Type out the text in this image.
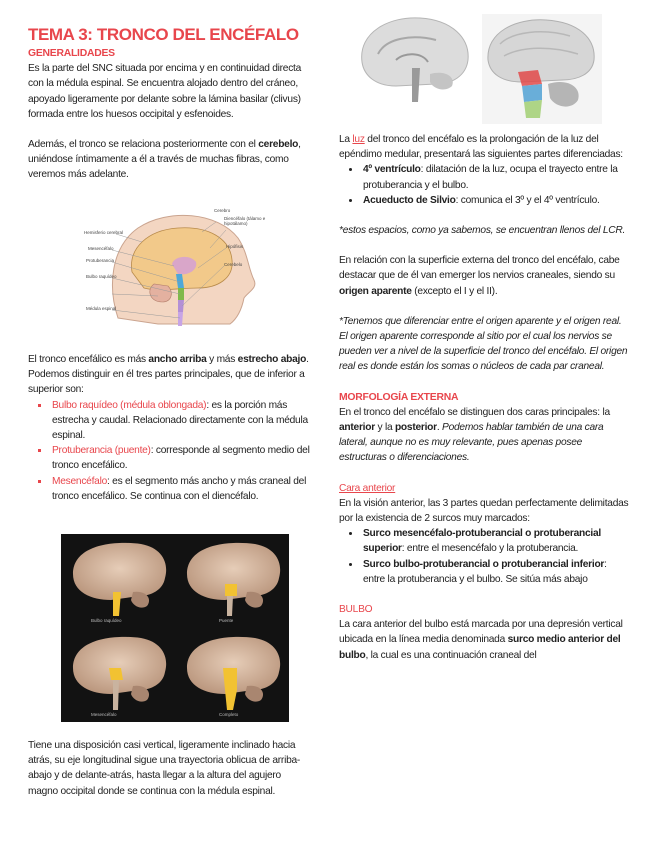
TEMA 3: TRONCO DEL ENCÉFALO

GENERALIDADES

Es la parte del SNC situada por encima y en continuidad directa con la médula espinal. Se encuentra alojado dentro del cráneo, apoyado ligeramente por delante sobre la lámina basilar (clivus) formada entre los huesos occipital y esfenoides.

Además, el tronco se relaciona posteriormente con el cerebelo, uniéndose íntimamente a él a través de muchas fibras, como veremos más adelante.

El tronco encefálico es más ancho arriba y más estrecho abajo. Podemos distinguir en él tres partes principales, que de inferior a superior son:

▪ Bulbo raquídeo (médula oblongada): es la porción más estrecha y caudal. Relacionado directamente con la médula espinal.
▪ Protuberancia (puente): corresponde al segmento medio del tronco encefálico.
▪ Mesencéfalo: es el segmento más ancho y más craneal del tronco encefálico. Se continua con el diencéfalo.

Tiene una disposición casi vertical, ligeramente inclinado hacia atrás, su eje longitudinal sigue una trayectoria oblicua de arriba-abajo y de delante-atrás, hasta llegar a la altura del agujero magno occipital donde se continua con la médula espinal.

Cerebro
Diencéfalo (tálamo e hipotálamo)
Hemisferio cerebral
Hipófisis
Mesencéfalo
Protuberancia
Cerebelo
Bulbo raquídeo
Médula espinal
Bulbo raquídeo	Puente
Mesencéfalo	Completo

La luz del tronco del encéfalo es la prolongación de la luz del epéndimo medular, presentará las siguientes partes diferenciadas:

• 4º ventrículo: dilatación de la luz, ocupa el trayecto entre la protuberancia y el bulbo.
• Acueducto de Silvio: comunica el 3º y el 4º ventrículo.

*estos espacios, como ya sabemos, se encuentran llenos del LCR.

En relación con la superficie externa del tronco del encéfalo, cabe destacar que de él van emerger los nervios craneales, siendo su origen aparente (excepto el I y el II).

*Tenemos que diferenciar entre el origen aparente y el origen real. El origen aparente corresponde al sitio por el cual los nervios se pueden ver a nivel de la superficie del tronco del encéfalo. El origen real es donde están los somas o núcleos de cada par craneal.

MORFOLOGÍA EXTERNA

En el tronco del encéfalo se distinguen dos caras principales: la anterior y la posterior. Podemos hablar también de una cara lateral, aunque no es muy relevante, pues apenas posee estructuras o diferenciaciones.

Cara anterior

En la visión anterior, las 3 partes quedan perfectamente delimitadas por la existencia de 2 surcos muy marcados:

• Surco mesencéfalo-protuberancial o protuberancial superior: entre el mesencéfalo y la protuberancia.
• Surco bulbo-protuberancial o protuberancial inferior: entre la protuberancia y el bulbo. Se sitúa más abajo

BULBO

La cara anterior del bulbo está marcada por una depresión vertical ubicada en la línea media denominada surco medio anterior del bulbo, la cual es una continuación craneal del
